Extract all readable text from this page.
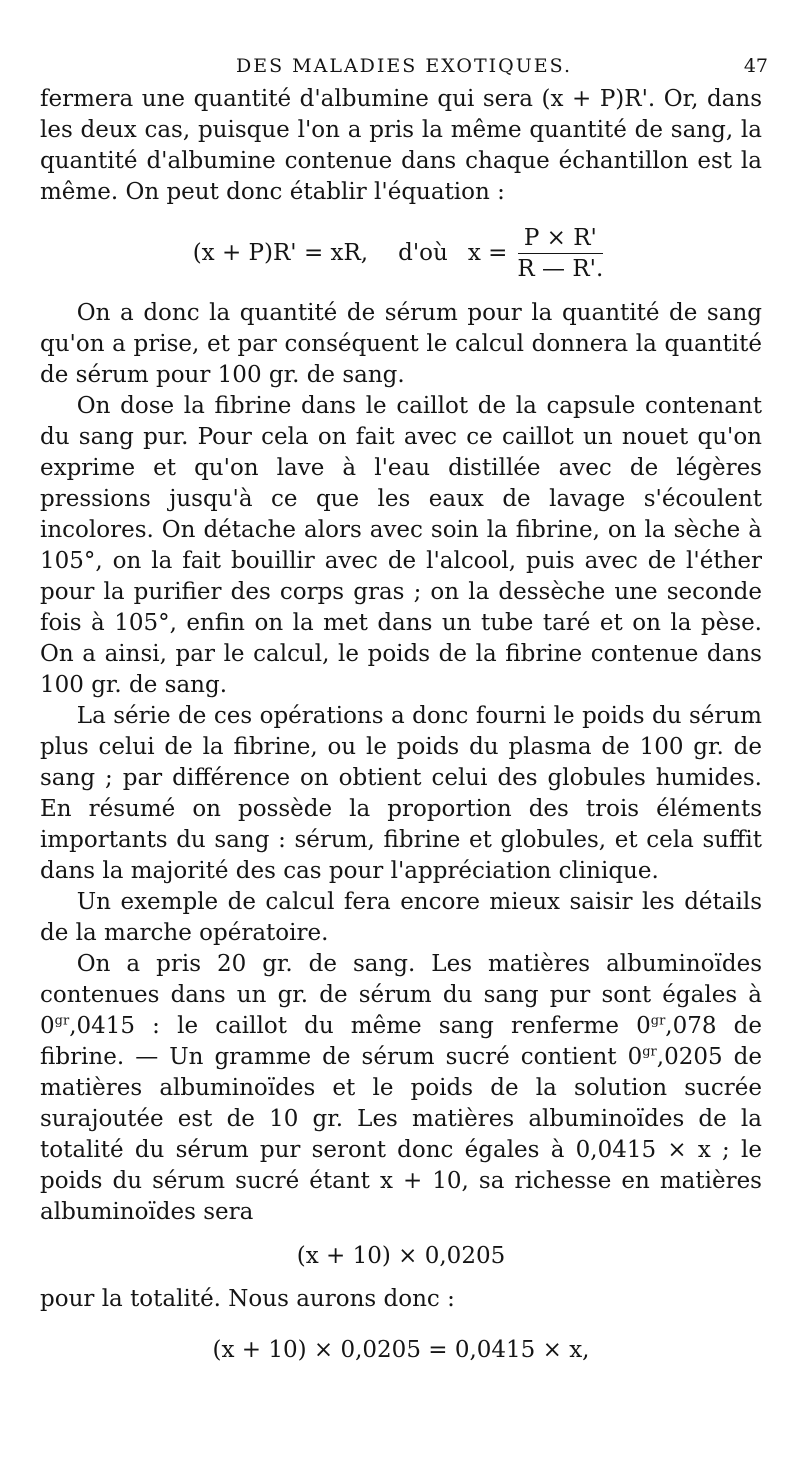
DES MALADIES EXOTIQUES.	47

fermera une quantité d'albumine qui sera (x + P)R'. Or, dans les deux cas, puisque l'on a pris la même quantité de sang, la quantité d'albumine contenue dans chaque échantillon est la même. On peut donc établir l'équation :

(x + P)R' = xR, d'où $x = \frac{P \times R'}{R — R'.}$

On a donc la quantité de sérum pour la quantité de sang qu'on a prise, et par conséquent le calcul donnera la quantité de sérum pour 100 gr. de sang.

On dose la fibrine dans le caillot de la capsule contenant du sang pur. Pour cela on fait avec ce caillot un nouet qu'on exprime et qu'on lave à l'eau distillée avec de légères pressions jusqu'à ce que les eaux de lavage s'écoulent incolores. On détache alors avec soin la fibrine, on la sèche à 105°, on la fait bouillir avec de l'alcool, puis avec de l'éther pour la purifier des corps gras ; on la dessèche une seconde fois à 105°, enfin on la met dans un tube taré et on la pèse. On a ainsi, par le calcul, le poids de la fibrine contenue dans 100 gr. de sang.

La série de ces opérations a donc fourni le poids du sérum plus celui de la fibrine, ou le poids du plasma de 100 gr. de sang ; par différence on obtient celui des globules humides. En résumé on possède la proportion des trois éléments importants du sang : sérum, fibrine et globules, et cela suffit dans la majorité des cas pour l'appréciation clinique.

Un exemple de calcul fera encore mieux saisir les détails de la marche opératoire.

On a pris 20 gr. de sang. Les matières albuminoïdes contenues dans un gr. de sérum du sang pur sont égales à $0^{gr},0415$ : le caillot du même sang renferme $0^{gr},078$ de fibrine. — Un gramme de sérum sucré contient $0^{gr},0205$ de matières albuminoïdes et le poids de la solution sucrée surajoutée est de 10 gr. Les matières albuminoïdes de la totalité du sérum pur seront donc égales à 0,0415 × x ; le poids du sérum sucré étant x + 10, sa richesse en matières albuminoïdes sera

(x + 10) × 0,0205

pour la totalité. Nous aurons donc :

(x + 10) × 0,0205 = 0,0415 × x,
